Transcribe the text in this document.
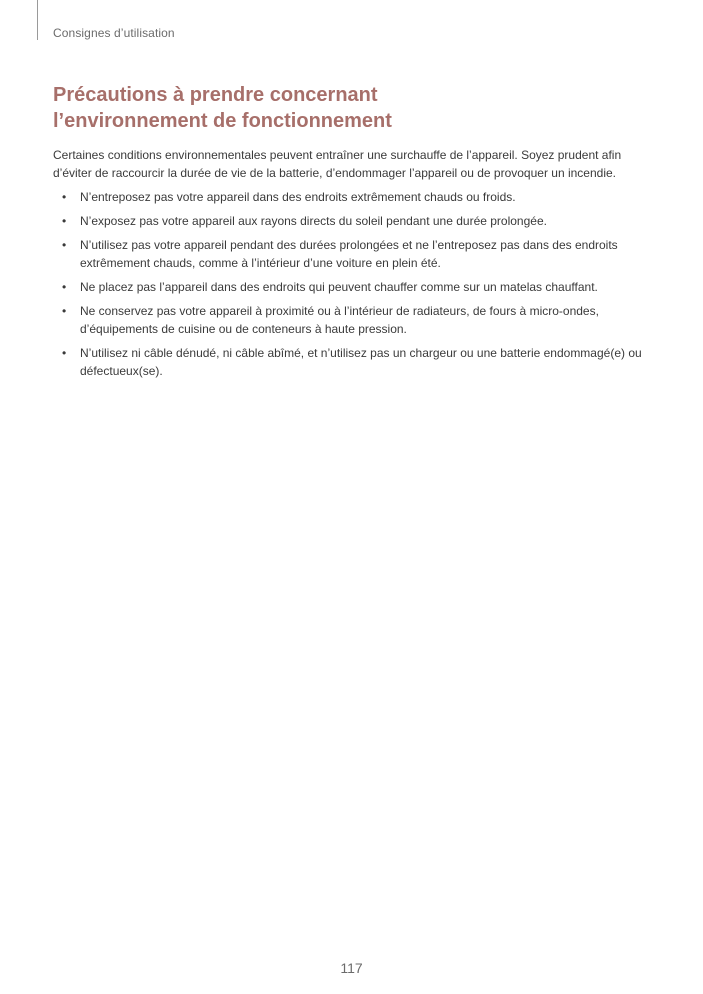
Consignes d’utilisation
Précautions à prendre concernant l’environnement de fonctionnement

Certaines conditions environnementales peuvent entraîner une surchauffe de l’appareil. Soyez prudent afin d’éviter de raccourcir la durée de vie de la batterie, d’endommager l’appareil ou de provoquer un incendie.

• N’entreposez pas votre appareil dans des endroits extrêmement chauds ou froids.
• N’exposez pas votre appareil aux rayons directs du soleil pendant une durée prolongée.
• N’utilisez pas votre appareil pendant des durées prolongées et ne l’entreposez pas dans des endroits extrêmement chauds, comme à l’intérieur d’une voiture en plein été.
• Ne placez pas l’appareil dans des endroits qui peuvent chauffer comme sur un matelas chauffant.
• Ne conservez pas votre appareil à proximité ou à l’intérieur de radiateurs, de fours à micro-ondes, d’équipements de cuisine ou de conteneurs à haute pression.
• N’utilisez ni câble dénudé, ni câble abîmé, et n’utilisez pas un chargeur ou une batterie endommagé(e) ou défectueux(se).
117
